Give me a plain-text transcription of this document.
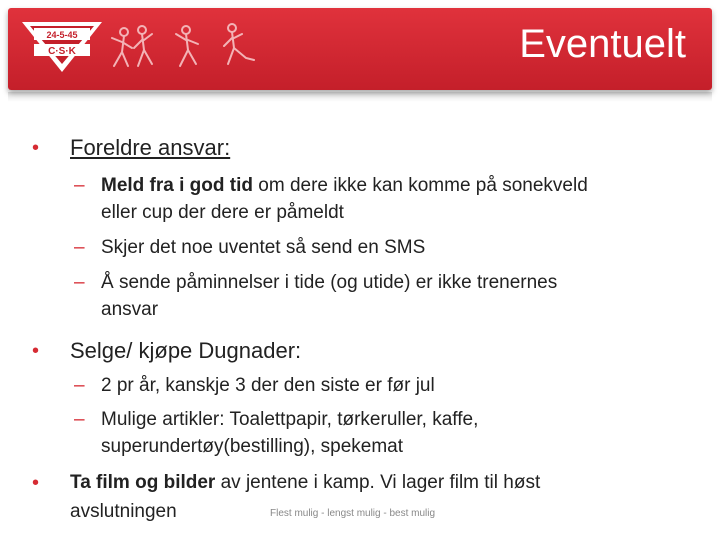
24-5-45
C·S·K	Eventuelt
• Foreldre ansvar:
– Meld fra i god tid om dere ikke kan komme på sonekveld
eller cup der dere er påmeldt
– Skjer det noe uventet så send en SMS
– Å sende påminnelser i tide (og utide) er ikke trenernes
ansvar
• Selge/ kjøpe Dugnader:
– 2 pr år, kanskje 3 der den siste er før jul
– Mulige artikler: Toalettpapir, tørkeruller, kaffe,
superundertøy(bestilling), spekemat
• Ta film og bilder av jentene i kamp. Vi lager film til høst
avslutningen	Flest mulig - lengst mulig - best mulig
